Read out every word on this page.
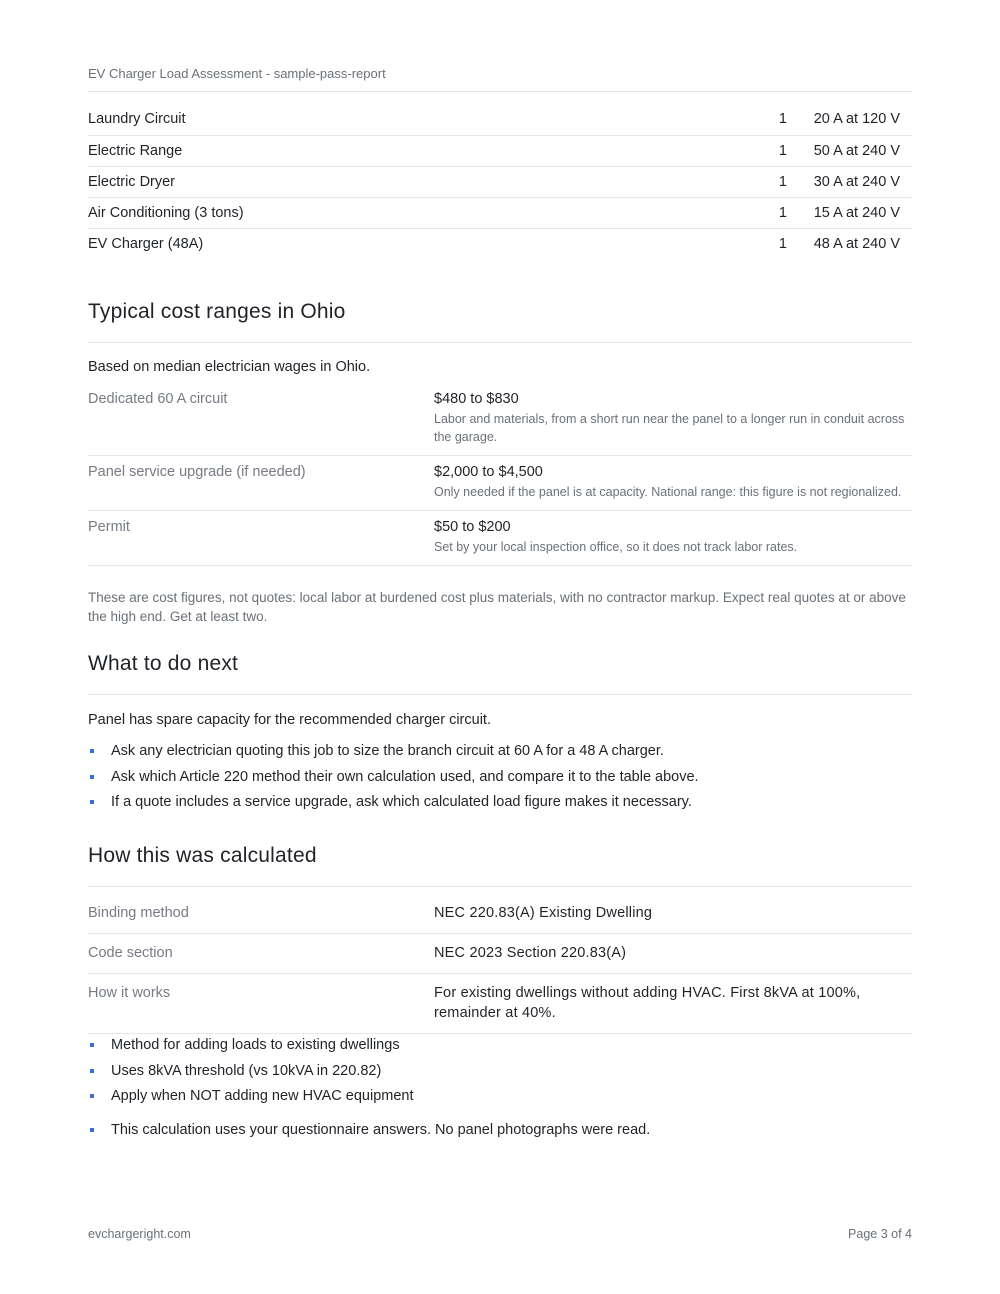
EV Charger Load Assessment - sample-pass-report
Laundry Circuit	1 20 A at 120 V
Electric Range	1 50 A at 240 V
Electric Dryer	1 30 A at 240 V
Air Conditioning (3 tons)	1 15 A at 240 V
EV Charger (48A)	1 48 A at 240 V
Typical cost ranges in Ohio
Based on median electrician wages in Ohio.
Dedicated 60 A circuit	$480 to $830
Labor and materials, from a short run near the panel to a longer run in conduit across the garage.
Panel service upgrade (if needed)	$2,000 to $4,500
Only needed if the panel is at capacity. National range: this figure is not regionalized.
Permit	$50 to $200
Set by your local inspection office, so it does not track labor rates.
These are cost figures, not quotes: local labor at burdened cost plus materials, with no contractor markup. Expect real quotes at or above the high end. Get at least two.
What to do next
Panel has spare capacity for the recommended charger circuit.
Ask any electrician quoting this job to size the branch circuit at 60 A for a 48 A charger.
Ask which Article 220 method their own calculation used, and compare it to the table above.
If a quote includes a service upgrade, ask which calculated load figure makes it necessary.
How this was calculated
Binding method	NEC 220.83(A) Existing Dwelling
Code section	NEC 2023 Section 220.83(A)
How it works	For existing dwellings without adding HVAC. First 8kVA at 100%, remainder at 40%.
Method for adding loads to existing dwellings
Uses 8kVA threshold (vs 10kVA in 220.82)
Apply when NOT adding new HVAC equipment
This calculation uses your questionnaire answers. No panel photographs were read.
evchargeright.com	Page 3 of 4
